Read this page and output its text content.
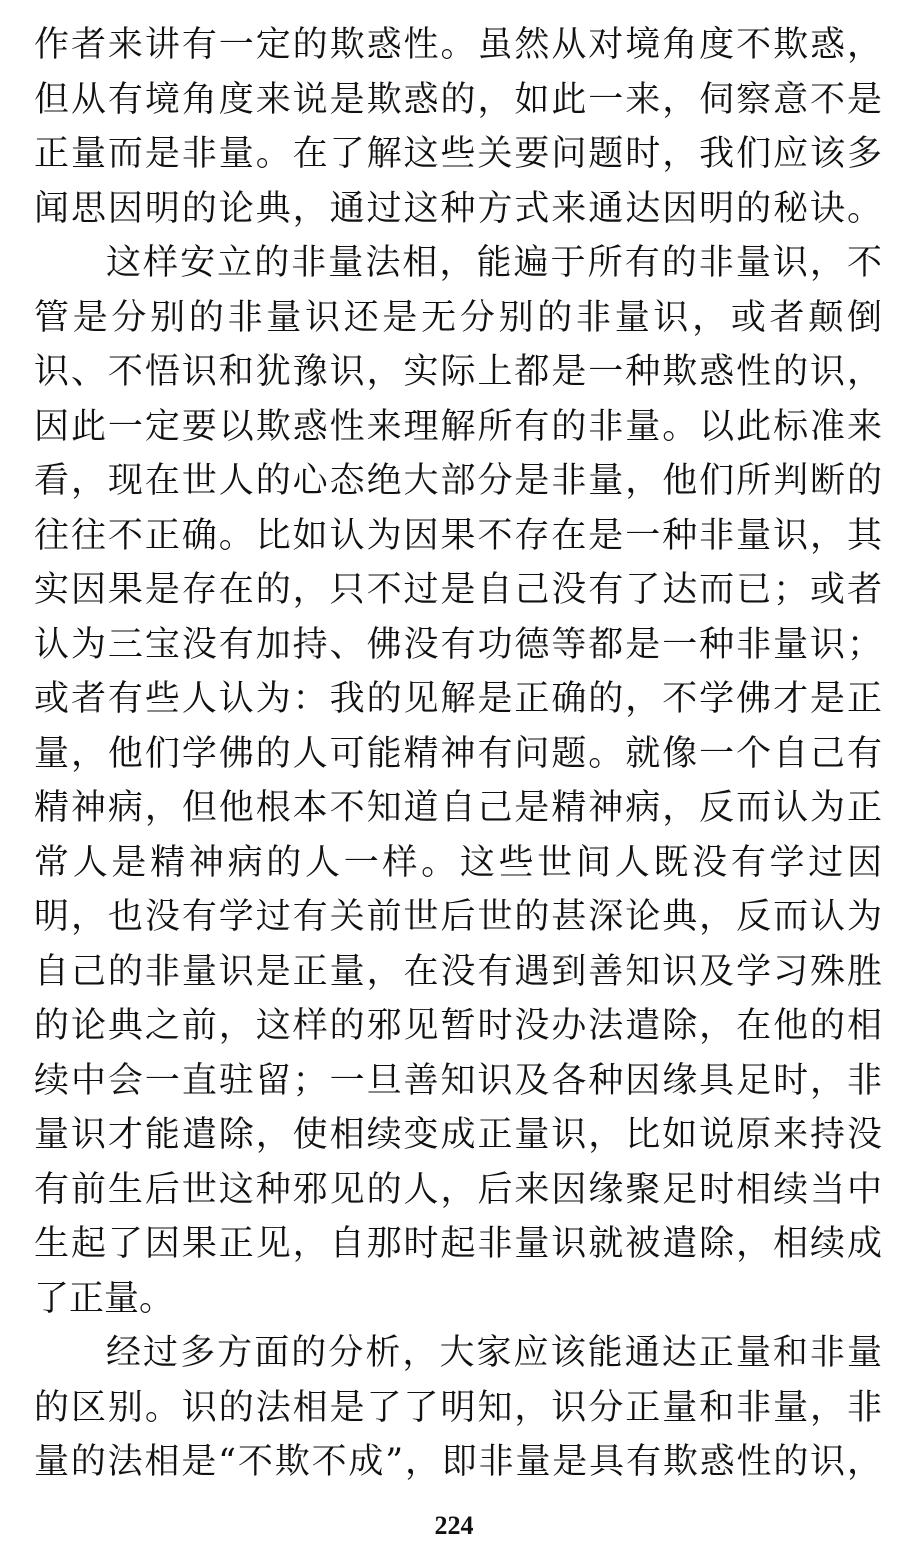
作者来讲有一定的欺惑性。虽然从对境角度不欺惑，
但从有境角度来说是欺惑的，如此一来，伺察意不是
正量而是非量。在了解这些关要问题时，我们应该多
闻思因明的论典，通过这种方式来通达因明的秘诀。
这样安立的非量法相，能遍于所有的非量识，不
管是分别的非量识还是无分别的非量识，或者颠倒
识、不悟识和犹豫识，实际上都是一种欺惑性的识，
因此一定要以欺惑性来理解所有的非量。以此标准来
看，现在世人的心态绝大部分是非量，他们所判断的
往往不正确。比如认为因果不存在是一种非量识，其
实因果是存在的，只不过是自己没有了达而已；或者
认为三宝没有加持、佛没有功德等都是一种非量识；
或者有些人认为：我的见解是正确的，不学佛才是正
量，他们学佛的人可能精神有问题。就像一个自己有
精神病，但他根本不知道自己是精神病，反而认为正
常人是精神病的人一样。这些世间人既没有学过因
明，也没有学过有关前世后世的甚深论典，反而认为
自己的非量识是正量，在没有遇到善知识及学习殊胜
的论典之前，这样的邪见暂时没办法遣除，在他的相
续中会一直驻留；一旦善知识及各种因缘具足时，非
量识才能遣除，使相续变成正量识，比如说原来持没
有前生后世这种邪见的人，后来因缘聚足时相续当中
生起了因果正见，自那时起非量识就被遣除，相续成
了正量。
经过多方面的分析，大家应该能通达正量和非量
的区别。识的法相是了了明知，识分正量和非量，非
量的法相是“不欺不成”，即非量是具有欺惑性的识，
224
